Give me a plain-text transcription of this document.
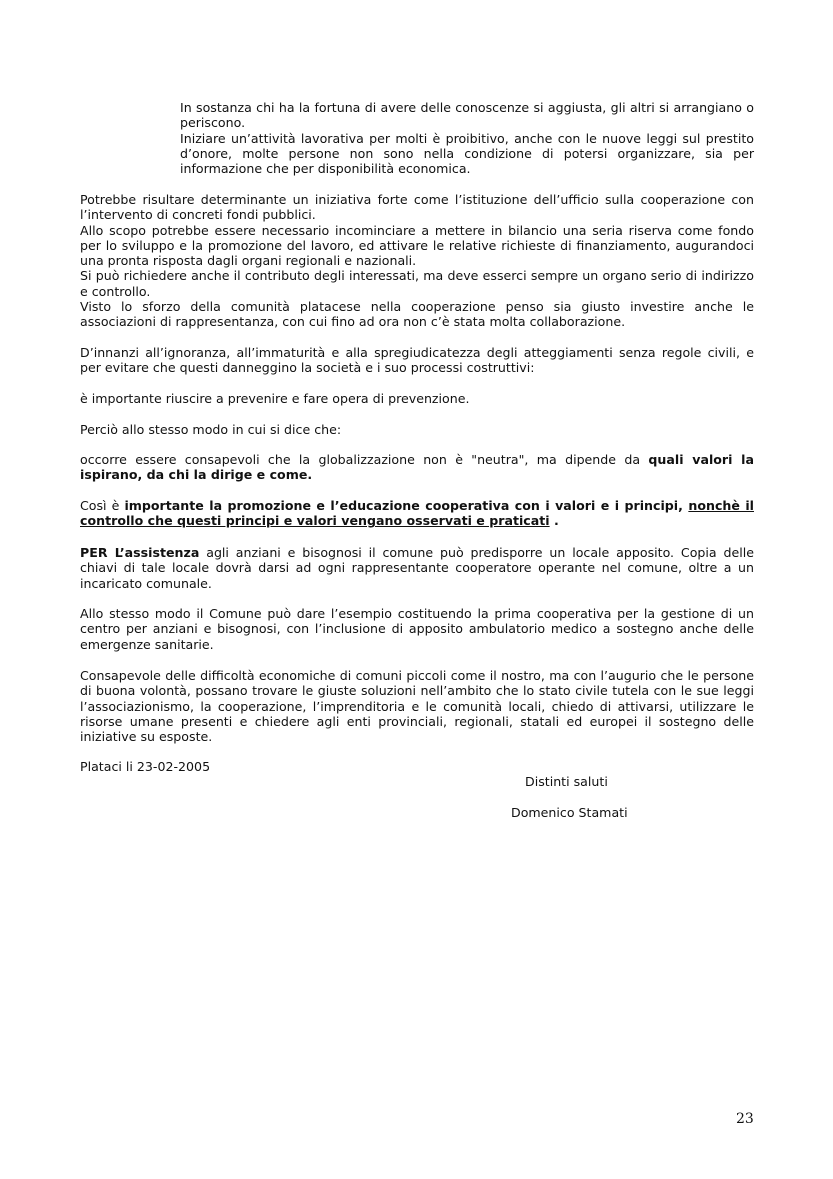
In sostanza chi ha la fortuna di avere delle conoscenze si aggiusta, gli altri si arrangiano o periscono.

Iniziare un’attività lavorativa per molti è proibitivo, anche con le nuove leggi sul prestito d’onore, molte persone non sono nella condizione di potersi organizzare, sia per informazione che per disponibilità economica.

Potrebbe risultare determinante un iniziativa forte come l’istituzione dell’ufficio sulla cooperazione con l’intervento di concreti fondi pubblici.

Allo scopo potrebbe essere necessario incominciare a mettere in bilancio una seria riserva come fondo per lo sviluppo e la promozione del lavoro, ed attivare le relative richieste di finanziamento, augurandoci una pronta risposta dagli organi regionali e nazionali.

Si può richiedere anche il contributo degli interessati, ma deve esserci sempre un organo serio di indirizzo e controllo.

Visto lo sforzo della comunità platacese nella cooperazione penso sia giusto investire anche le associazioni di rappresentanza, con cui fino ad ora non c’è stata molta collaborazione.

D’innanzi all’ignoranza, all’immaturità e alla spregiudicatezza degli atteggiamenti senza regole civili, e per evitare che questi danneggino la società e i suo processi costruttivi:

è importante riuscire a prevenire e fare opera di prevenzione.

Perciò allo stesso modo in cui si dice che:

occorre essere consapevoli che la globalizzazione non è "neutra", ma dipende da quali valori la ispirano, da chi la dirige e come.

Così è importante la promozione e l’educazione cooperativa con i valori e i principi, nonchè il controllo che questi principi e valori vengano osservati e praticati .

PER L’assistenza agli anziani e bisognosi il comune può predisporre un locale apposito. Copia delle chiavi di tale locale dovrà darsi ad ogni rappresentante cooperatore operante nel comune, oltre a un incaricato comunale.

Allo stesso modo il Comune può dare l’esempio costituendo la prima cooperativa per la gestione di un centro per anziani e bisognosi, con l’inclusione di apposito ambulatorio medico a sostegno anche delle emergenze sanitarie.

Consapevole delle difficoltà economiche di comuni piccoli come il nostro, ma con l’augurio che le persone di buona volontà, possano trovare le giuste soluzioni nell’ambito che lo stato civile tutela con le sue leggi l’associazionismo, la cooperazione, l’imprenditoria e le comunità locali, chiedo di attivarsi, utilizzare le risorse umane presenti e chiedere agli enti provinciali, regionali, statali ed europei il sostegno delle iniziative su esposte.

Plataci li 23-02-2005

Distinti saluti

Domenico Stamati

23
